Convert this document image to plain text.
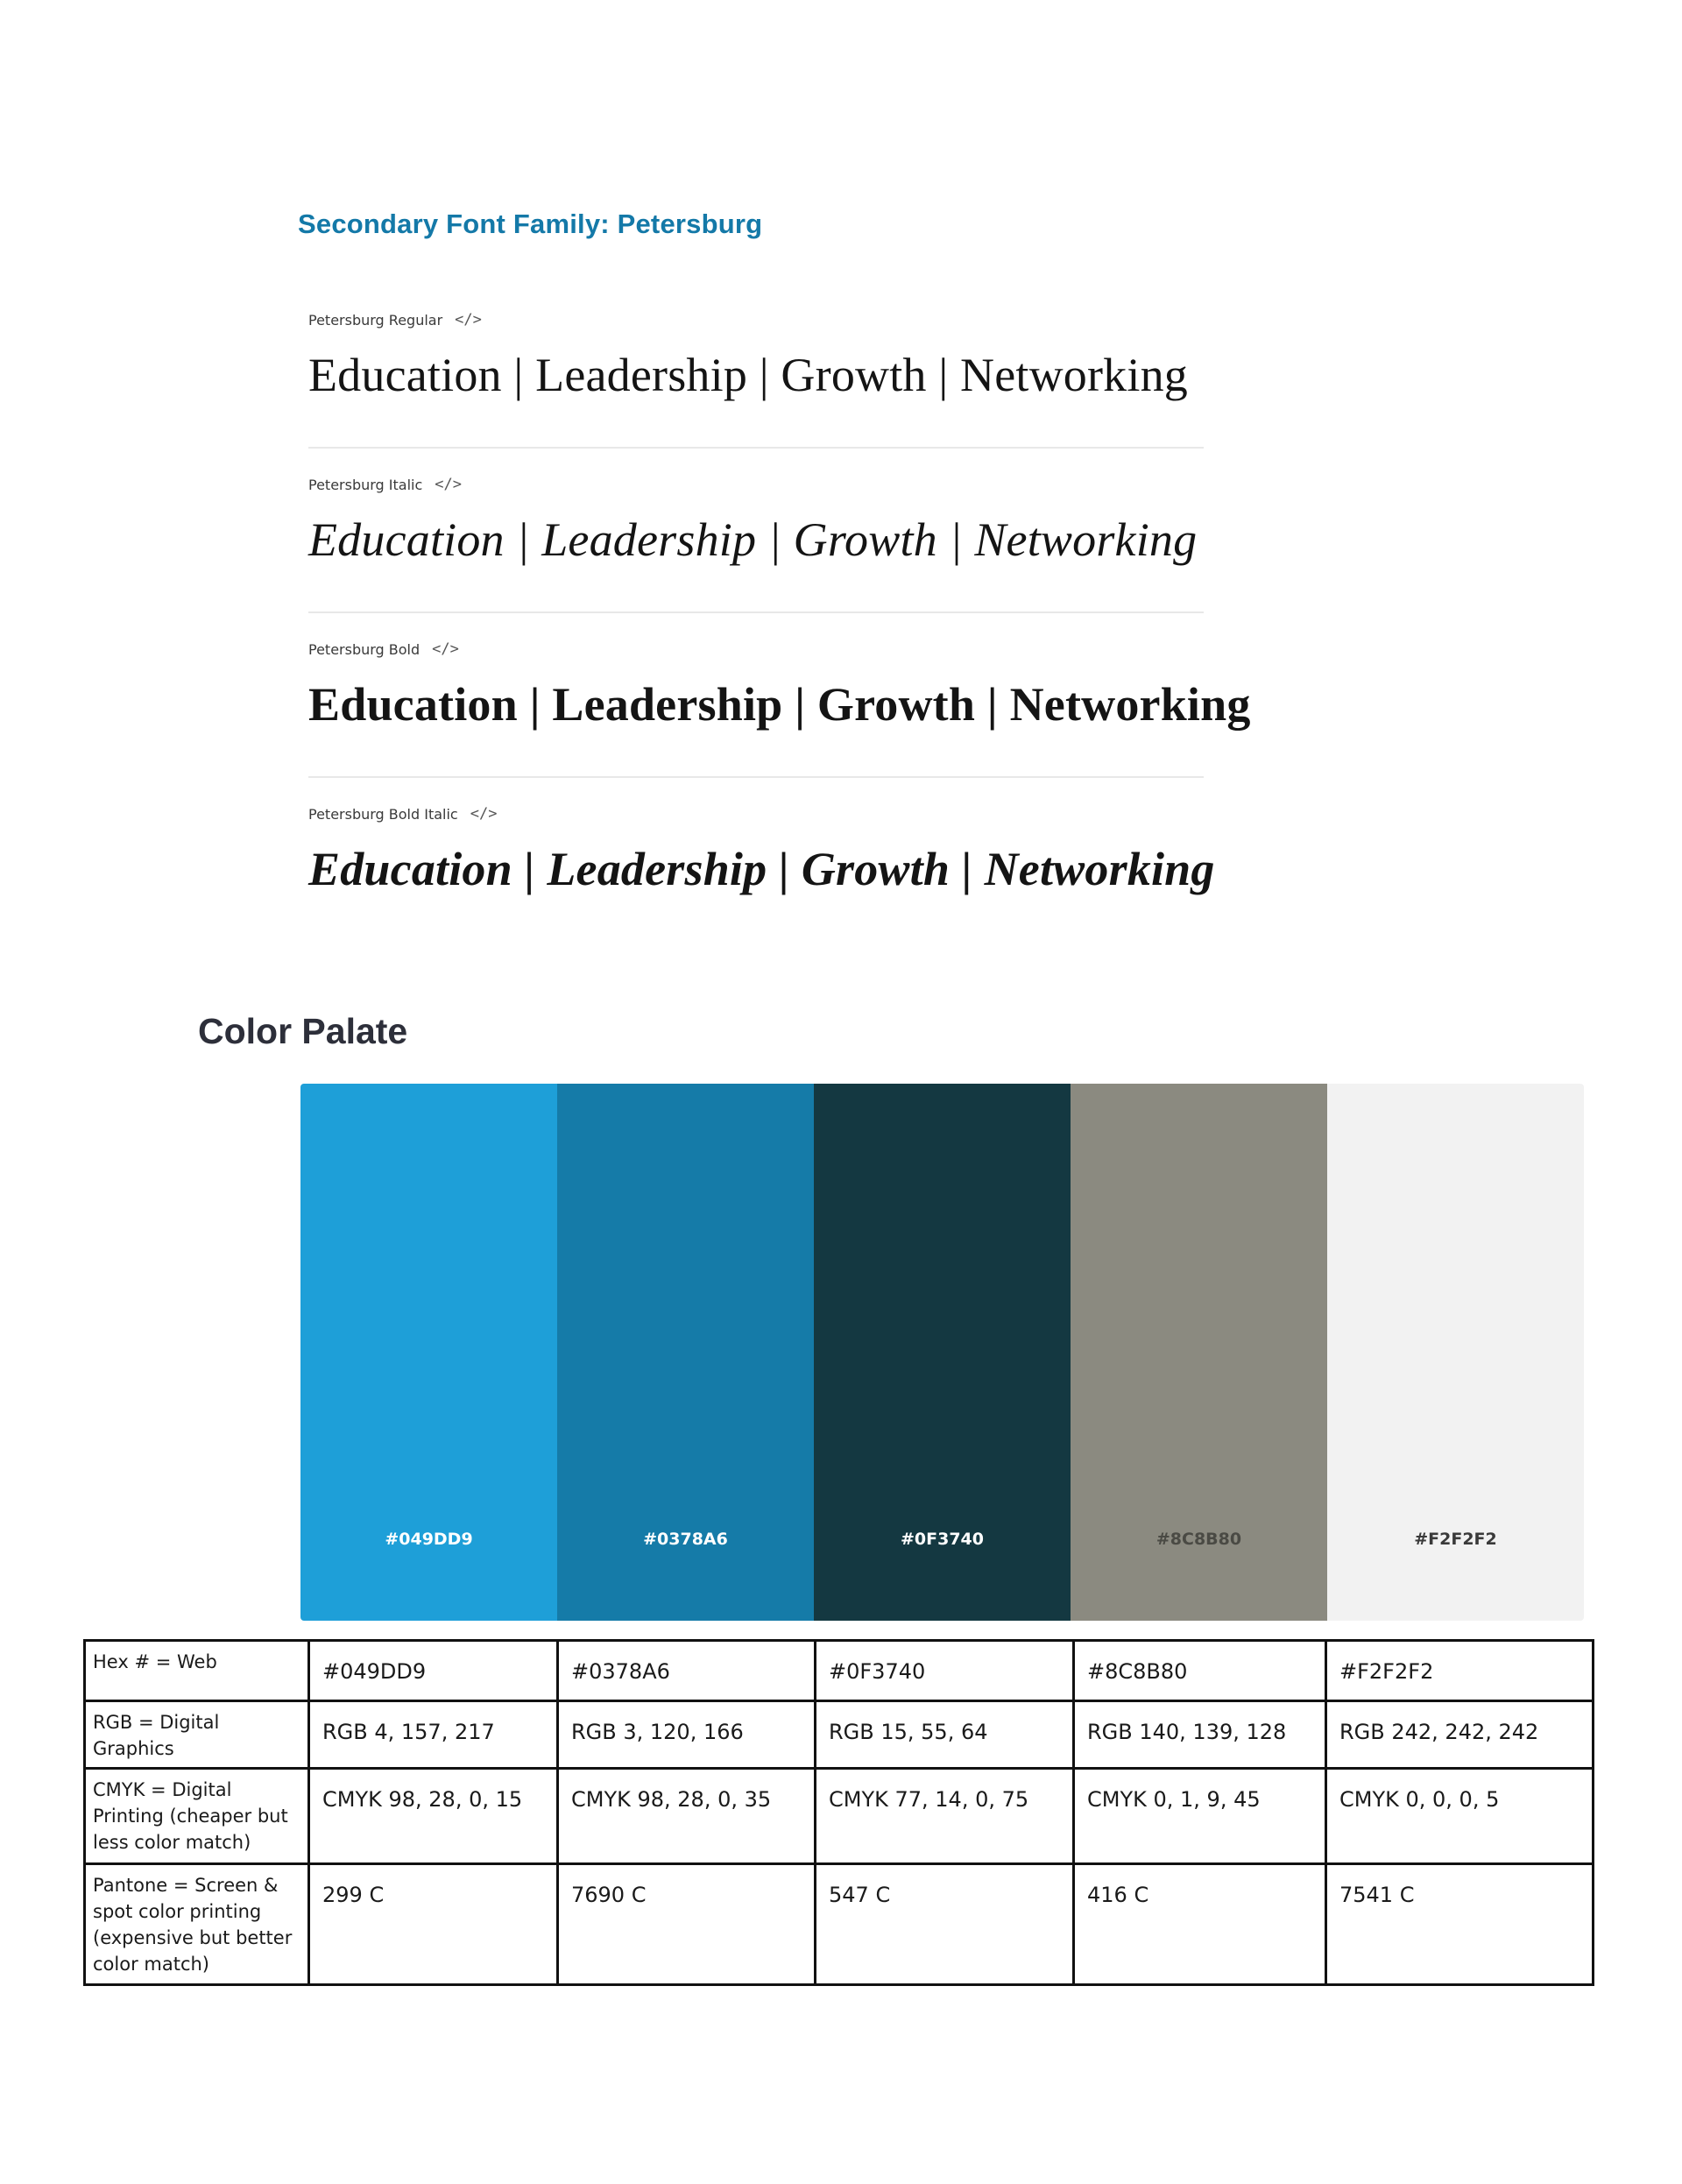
Secondary Font Family: Petersburg
Petersburg Regular </>
Education | Leadership | Growth | Networking
Petersburg Italic </>
Education | Leadership | Growth | Networking
Petersburg Bold </>
Education | Leadership | Growth | Networking
Petersburg Bold Italic </>
Education | Leadership | Growth | Networking
Color Palate
#049DD9	#0378A6	#0F3740	#8C8B80	#F2F2F2
Hex # = Web	#049DD9	#0378A6	#0F3740	#8C8B80	#F2F2F2
RGB = Digital Graphics	RGB 4, 157, 217	RGB 3, 120, 166	RGB 15, 55, 64	RGB 140, 139, 128	RGB 242, 242, 242
CMYK = Digital Printing (cheaper but less color match)	CMYK 98, 28, 0, 15	CMYK 98, 28, 0, 35	CMYK 77, 14, 0, 75	CMYK 0, 1, 9, 45	CMYK 0, 0, 0, 5
Pantone = Screen & spot color printing (expensive but better color match)	299 C	7690 C	547 C	416 C	7541 C
